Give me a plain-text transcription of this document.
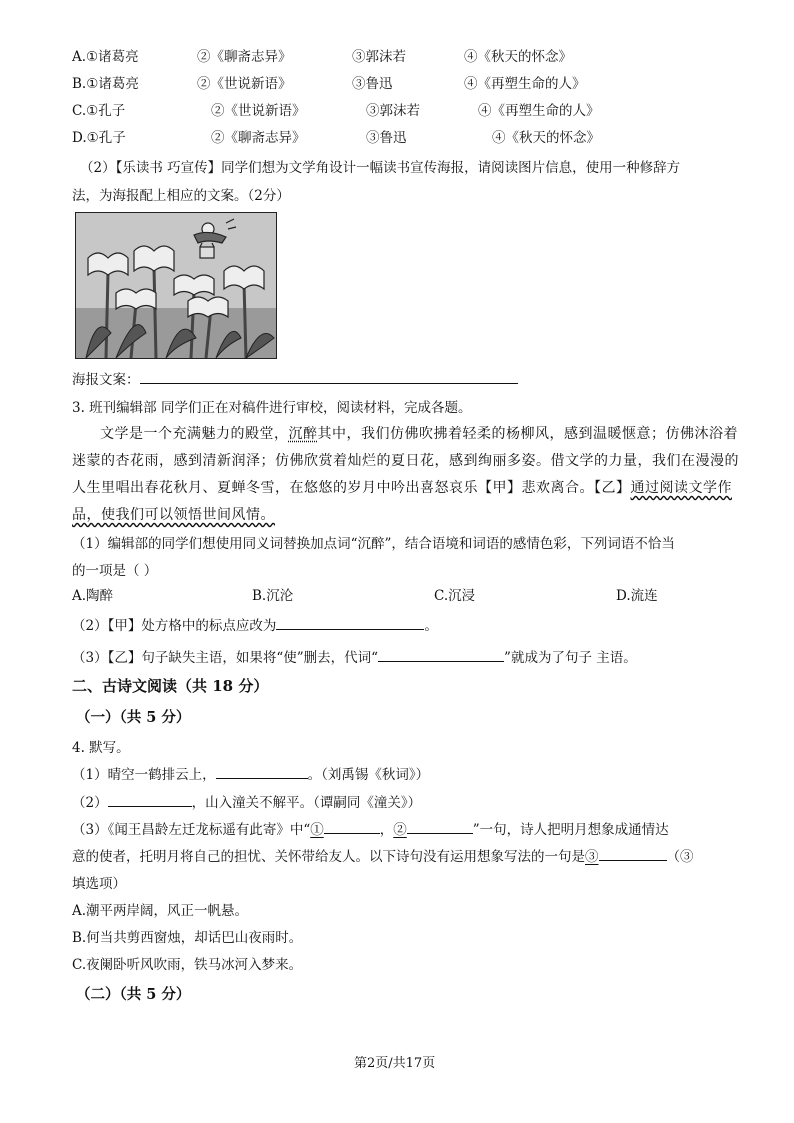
A.①诸葛亮	②《聊斋志异》	③郭沫若	④《秋天的怀念》
B.①诸葛亮	②《世说新语》	③鲁迅	④《再塑生命的人》
C.①孔子	②《世说新语》	③郭沫若	④《再塑生命的人》
D.①孔子	②《聊斋志异》	③鲁迅	④《秋天的怀念》
（2）【乐读书 巧宣传】同学们想为文学角设计一幅读书宣传海报，请阅读图片信息，使用一种修辞方
法，为海报配上相应的文案。（2分）
海报文案：
3. 班刊编辑部 同学们正在对稿件进行审校，阅读材料，完成各题。
文学是一个充满魅力的殿堂，沉醉其中，我们仿佛吹拂着轻柔的杨柳风，感到温暖惬意；仿佛沐浴着
迷蒙的杏花雨，感到清新润泽；仿佛欣赏着灿烂的夏日花，感到绚丽多姿。借文学的力量，我们在漫漫的
人生里唱出春花秋月、夏蝉冬雪，在悠悠的岁月中吟出喜怒哀乐【甲】悲欢离合。【乙】通过阅读文学作
品，使我们可以领悟世间风情。
（1）编辑部的同学们想使用同义词替换加点词“沉醉”，结合语境和词语的感情色彩，下列词语不恰当
的一项是（ ）
A.陶醉	B.沉沦	C.沉浸	D.流连
（2）【甲】处方格中的标点应改为	。
（3）【乙】句子缺失主语，如果将“使”删去，代词“	”就成为了句子 主语。
二、古诗文阅读（共 18 分）
（一）（共 5 分）
4. 默写。
（1）晴空一鹤排云上，	。（刘禹锡《秋词》）
（2）	，山入潼关不解平。（谭嗣同《潼关》）
（3）《闻王昌龄左迁龙标遥有此寄》中“①	，②	”一句，诗人把明月想象成通情达
意的使者，托明月将自己的担忧、关怀带给友人。以下诗句没有运用想象写法的一句是③	（③
填选项）
A.潮平两岸阔，风正一帆悬。
B.何当共剪西窗烛，却话巴山夜雨时。
C.夜阑卧听风吹雨，铁马冰河入梦来。
（二）（共 5 分）
第2页/共17页
